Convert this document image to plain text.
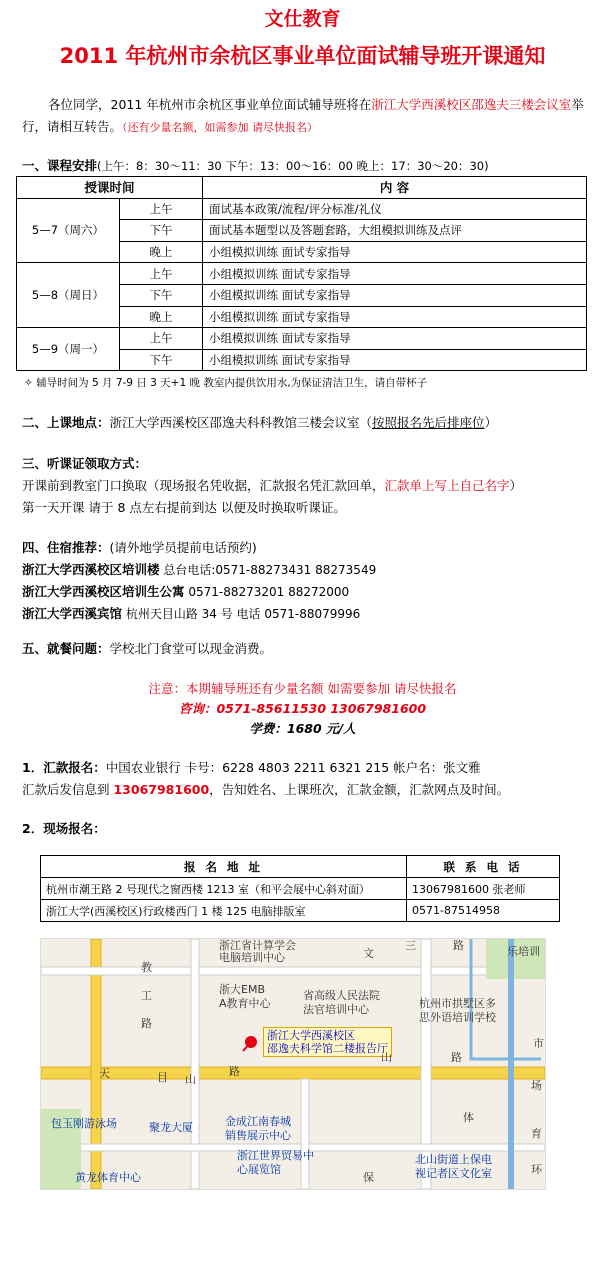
文仕教育
2011 年杭州市余杭区事业单位面试辅导班开课通知
各位同学，2011 年杭州市余杭区事业单位面试辅导班将在浙江大学西溪校区邵逸夫三楼会议室举行，请相互转告。（还有少量名额，如需参加 请尽快报名）
一、课程安排(上午：8：30～11：30 下午：13：00～16：00 晚上：17：30～20：30)
授课时间		内 容
5—7（周六）	上午	面试基本政策/流程/评分标准/礼仪
	下午	面试基本题型以及答题套路，大组模拟训练及点评
	晚上	小组模拟训练 面试专家指导
5—8（周日）	上午	小组模拟训练 面试专家指导
	下午	小组模拟训练 面试专家指导
	晚上	小组模拟训练 面试专家指导
5—9（周一）	上午	小组模拟训练 面试专家指导
	下午	小组模拟训练 面试专家指导
✧ 辅导时间为 5 月 7-9 日 3 天+1 晚 教室内提供饮用水,为保证清洁卫生，请自带杯子
二、上课地点：浙江大学西溪校区邵逸夫科科教馆三楼会议室（按照报名先后排座位）
三、听课证领取方式：
开课前到教室门口换取（现场报名凭收据，汇款报名凭汇款回单，汇款单上写上自己名字）
第一天开课 请于 8 点左右提前到达 以便及时换取听课证。
四、住宿推荐：(请外地学员提前电话预约)
浙江大学西溪校区培训楼 总台电话:0571-88273431 88273549
浙江大学西溪校区培训生公寓 0571-88273201 88272000
浙江大学西溪宾馆 杭州天目山路 34 号 电话 0571-88079996
五、就餐问题：学校北门食堂可以现金消费。
注意：本期辅导班还有少量名额 如需要参加 请尽快报名
咨询：0571-85611530 13067981600
学费：1680 元/人
1．汇款报名：中国农业银行 卡号：6228 4803 2211 6321 215 帐户名：张文雅
汇款后发信息到 13067981600，告知姓名、上课班次，汇款金额，汇款网点及时间。
2．现场报名：
报 名 地 址	联 系 电 话
杭州市潮王路 2 号现代之窗西楼 1213 室（和平会展中心斜对面）	13067981600 张老师
浙江大学(西溪校区)行政楼西门 1 楼 125 电脑排版室	0571-87514958
浙江大学西溪校区
邵逸夫科学馆二楼报告厅
浙江省计算学会
电脑培训中心	文
三	路	乐培训
浙大EMB
A教育中心
省高级人民法院
法官培训中心	杭州市拱墅区多
思外语培训学校
教
工
路
天	目 山
路
山	路
包玉刚游泳场	聚龙大厦	金成江南春城
销售展示中心
浙江世界贸易中
心展览馆
北山街道上保电
视记者区文化室
黄龙体育中心	保
体
场
育
环
市
